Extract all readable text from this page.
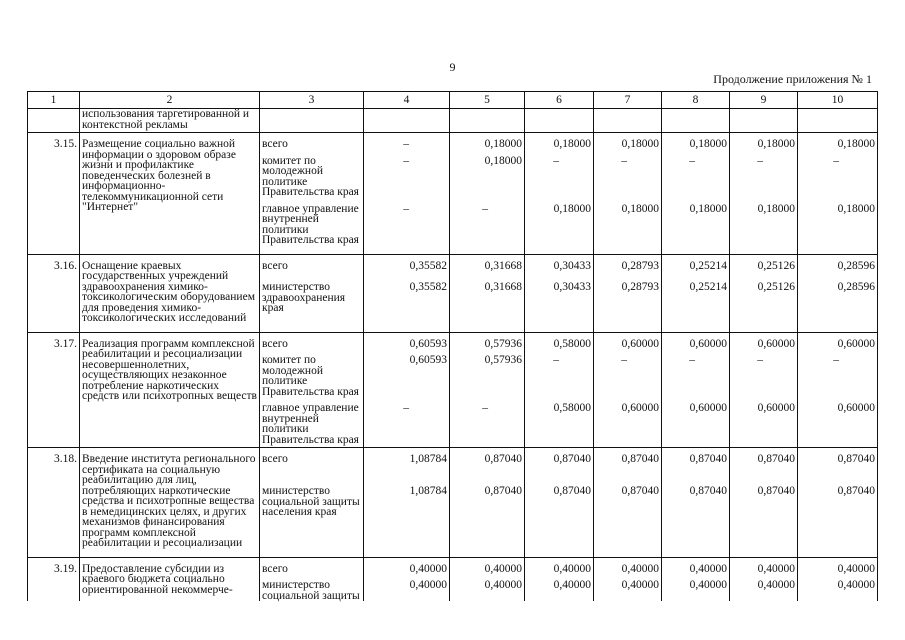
9
Продолжение приложения № 1
1	2	3	4	5	6	7	8	9	10
	использования таргетированной и контекстной рекламы								

3.15.	Размещение социально важной информации о здоровом образе жизни и профилактике поведенческих болезней в информационно-телекоммуникационной сети "Интернет"	всего	–	0,18000	0,18000	0,18000	0,18000	0,18000	0,18000
		комитет по молодежной политике Правительства края	–	0,18000	–	–	–	–	–
		главное управление внутренней политики Правительства края	–	–	0,18000	0,18000	0,18000	0,18000	0,18000

3.16.	Оснащение краевых государственных учреждений здравоохранения химико-токсикологическим оборудованием для проведения химико-токсикологических исследований	всего	0,35582	0,31668	0,30433	0,28793	0,25214	0,25126	0,28596
		министерство здравоохранения края	0,35582	0,31668	0,30433	0,28793	0,25214	0,25126	0,28596

3.17.	Реализация программ комплексной реабилитации и ресоциализации несовершеннолетних, осуществляющих незаконное потребление наркотических средств или психотропных веществ	всего	0,60593	0,57936	0,58000	0,60000	0,60000	0,60000	0,60000
		комитет по молодежной политике Правительства края	0,60593	0,57936	–	–	–	–	–
		главное управление внутренней политики Правительства края	–	–	0,58000	0,60000	0,60000	0,60000	0,60000

3.18.	Введение института регионального сертификата на социальную реабилитацию для лиц, потребляющих наркотические средства и психотропные вещества в немедицинских целях, и других механизмов финансирования программ комплексной реабилитации и ресоциализации	всего	1,08784	0,87040	0,87040	0,87040	0,87040	0,87040	0,87040
		министерство социальной защиты населения края	1,08784	0,87040	0,87040	0,87040	0,87040	0,87040	0,87040

3.19.	Предоставление субсидии из краевого бюджета социально ориентированной некоммерче-	всего	0,40000	0,40000	0,40000	0,40000	0,40000	0,40000	0,40000
		министерство социальной защиты	0,40000	0,40000	0,40000	0,40000	0,40000	0,40000	0,40000
